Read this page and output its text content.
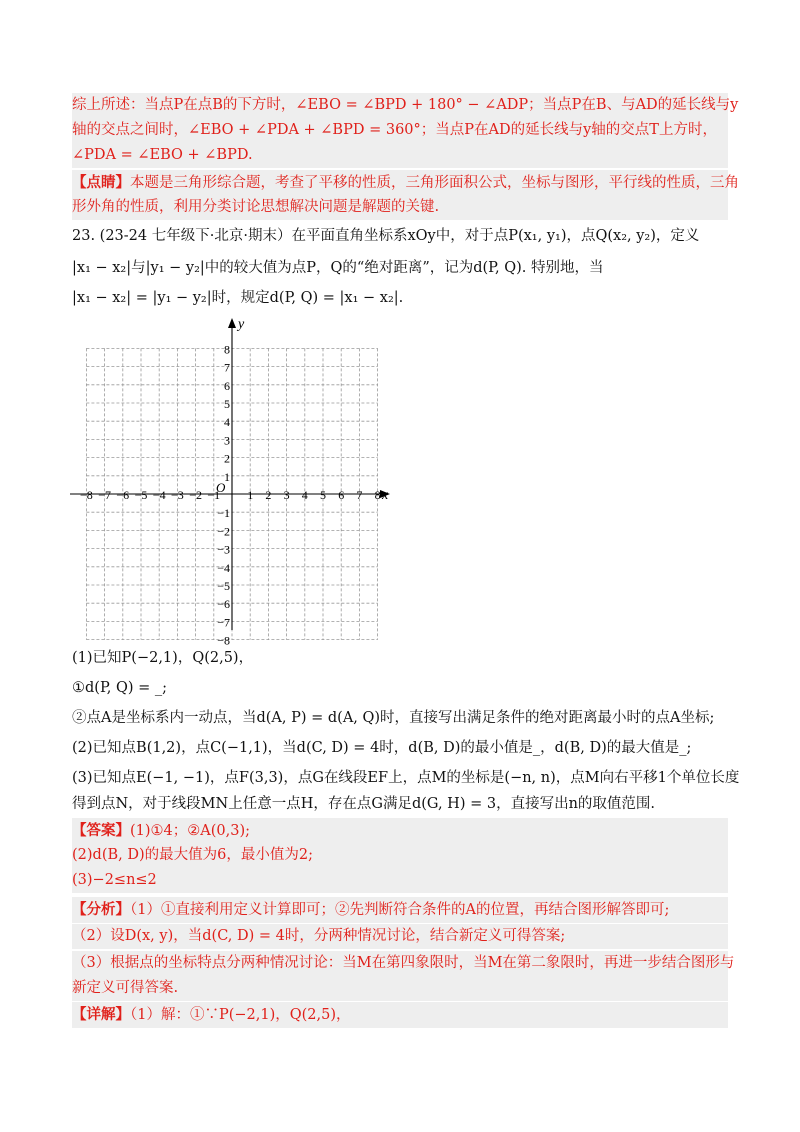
综上所述：当点P在点B的下方时，∠EBO = ∠BPD + 180° − ∠ADP；当点P在B、与AD的延长线与y
轴的交点之间时，∠EBO + ∠PDA + ∠BPD = 360°；当点P在AD的延长线与y轴的交点T上方时，
∠PDA = ∠EBO + ∠BPD.
【点睛】本题是三角形综合题，考查了平移的性质，三角形面积公式，坐标与图形，平行线的性质，三角
形外角的性质，利用分类讨论思想解决问题是解题的关键.
23. (23-24 七年级下·北京·期末）在平面直角坐标系xOy中，对于点P(x₁, y₁)，点Q(x₂, y₂)，定义
|x₁ − x₂|与|y₁ − y₂|中的较大值为点P，Q的“绝对距离”，记为d(P, Q). 特别地，当
|x₁ − x₂| = |y₁ − y₂|时，规定d(P, Q) = |x₁ − x₂|.
x
y
O
−8 −7 −6 −5 −4 −3 −2 −1 1 2 3 4 5 6 7 8
8
7
6
5
4
3
2
1
−1
−2
−3
−4
−5
−6
−7
−8
(1)已知P(−2,1)，Q(2,5)，
①d(P, Q) = _;
②点A是坐标系内一动点，当d(A, P) = d(A, Q)时，直接写出满足条件的绝对距离最小时的点A坐标;
(2)已知点B(1,2)，点C(−1,1)，当d(C, D) = 4时，d(B, D)的最小值是_，d(B, D)的最大值是_;
(3)已知点E(−1, −1)，点F(3,3)，点G在线段EF上，点M的坐标是(−n, n)，点M向右平移1个单位长度
得到点N，对于线段MN上任意一点H，存在点G满足d(G, H) = 3，直接写出n的取值范围.
【答案】(1)①4；②A(0,3);
(2)d(B, D)的最大值为6，最小值为2;
(3)−2≤n≤2
【分析】（1）①直接利用定义计算即可；②先判断符合条件的A的位置，再结合图形解答即可;
（2）设D(x, y)，当d(C, D) = 4时，分两种情况讨论，结合新定义可得答案;
（3）根据点的坐标特点分两种情况讨论：当M在第四象限时，当M在第二象限时，再进一步结合图形与
新定义可得答案.
【详解】（1）解：①∵P(−2,1)，Q(2,5)，
